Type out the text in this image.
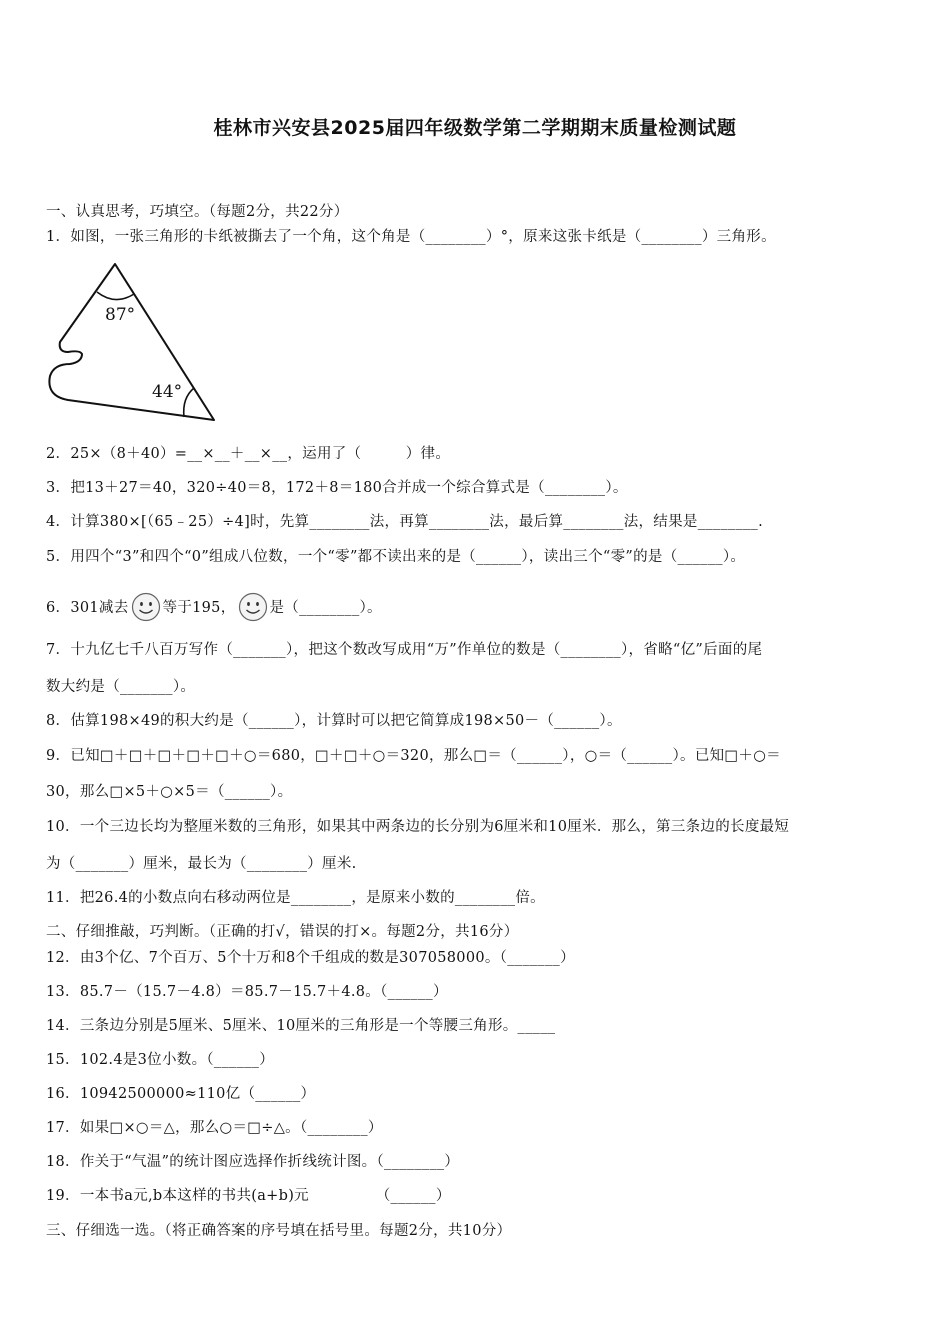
桂林市兴安县2025届四年级数学第二学期期末质量检测试题
一、认真思考，巧填空。（每题2分，共22分）
1．如图，一张三角形的卡纸被撕去了一个角，这个角是（________）°，原来这张卡纸是（________）三角形。
87°
44°
2．25×（8＋40）=__×__＋__×__，运用了（　　　）律。
3．把13＋27＝40，320÷40＝8，172＋8＝180合并成一个综合算式是（________）。
4．计算380×[（65﹣25）÷4]时，先算________法，再算________法，最后算________法，结果是________.
5．用四个“3”和四个“0”组成八位数，一个“零”都不读出来的是（______），读出三个“零”的是（______）。
6．301减去 等于195， 是（________）。
7．十九亿七千八百万写作（_______），把这个数改写成用“万”作单位的数是（________），省略“亿”后面的尾
数大约是（_______）。
8．估算198×49的积大约是（______），计算时可以把它简算成198×50－（______）。
9．已知□＋□＋□＋□＋□＋○＝680，□＋□＋○＝320，那么□＝（______），○＝（______）。已知□＋○＝
30，那么□×5＋○×5＝（______）。
10．一个三边长均为整厘米数的三角形，如果其中两条边的长分别为6厘米和10厘米．那么，第三条边的长度最短
为（_______）厘米，最长为（________）厘米.
11．把26.4的小数点向右移动两位是________，是原来小数的________倍。
二、仔细推敲，巧判断。（正确的打√，错误的打×。每题2分，共16分）
12．由3个亿、7个百万、5个十万和8个千组成的数是307058000。（_______）
13．85.7－（15.7－4.8）＝85.7－15.7＋4.8。（______）
14．三条边分别是5厘米、5厘米、10厘米的三角形是一个等腰三角形。_____
15．102.4是3位小数。（______）
16．10942500000≈110亿（______）
17．如果□×○＝△，那么○＝□÷△。（________）
18．作关于“气温”的统计图应选择作折线统计图。（________）
19．一本书a元,b本这样的书共(a+b)元　　　　　（______）
三、仔细选一选。（将正确答案的序号填在括号里。每题2分，共10分）
